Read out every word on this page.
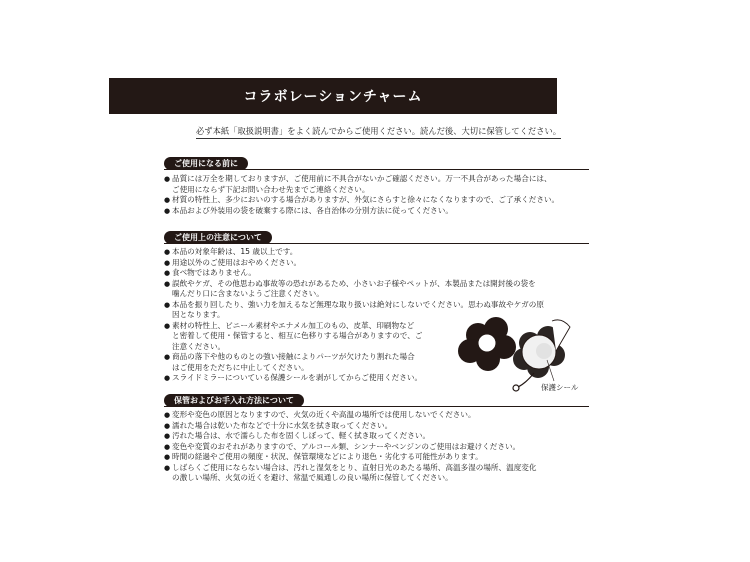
コラボレーションチャーム
必ず本紙「取扱説明書」をよく読んでからご使用ください。読んだ後、大切に保管してください。
ご使用になる前に
● 品質には万全を期しておりますが、ご使用前に不具合がないかご確認ください。万一不具合があった場合には、
ご使用にならず下記お問い合わせ先までご連絡ください。
● 材質の特性上、多少においのする場合がありますが、外気にさらすと徐々になくなりますので、ご了承ください。
● 本品および外装用の袋を破棄する際には、各自治体の分別方法に従ってください。
ご使用上の注意について
● 本品の対象年齢は、15 歳以上です。
● 用途以外のご使用はおやめください。
● 食べ物ではありません。
● 誤飲やケガ、その他思わぬ事故等の恐れがあるため、小さいお子様やペットが、本製品または開封後の袋を
噛んだり口に含まないようご注意ください。
● 本品を振り回したり、強い力を加えるなど無理な取り扱いは絶対にしないでください。思わぬ事故やケガの原
因となります。
● 素材の特性上、ビニール素材やエナメル加工のもの、皮革、印刷物など
と密着して使用・保管すると、相互に色移りする場合がありますので、ご
注意ください。
● 商品の落下や他のものとの強い接触によりパーツが欠けたり割れた場合
はご使用をただちに中止してください。
● スライドミラーについている保護シールを剥がしてからご使用ください。
保護シール
保管およびお手入れ方法について
● 変形や変色の原因となりますので、火気の近くや高温の場所では使用しないでください。
● 濡れた場合は乾いた布などで十分に水気を拭き取ってください。
● 汚れた場合は、水で濡らした布を固くしぼって、軽く拭き取ってください。
● 変色や変質のおそれがありますので、アルコール類、シンナーやベンジンのご使用はお避けください。
● 時間の経過やご使用の頻度・状況、保管環境などにより退色・劣化する可能性があります。
● しばらくご使用にならない場合は、汚れと湿気をとり、直射日光のあたる場所、高温多湿の場所、温度変化
の激しい場所、火気の近くを避け、常温で風通しの良い場所に保管してください。
